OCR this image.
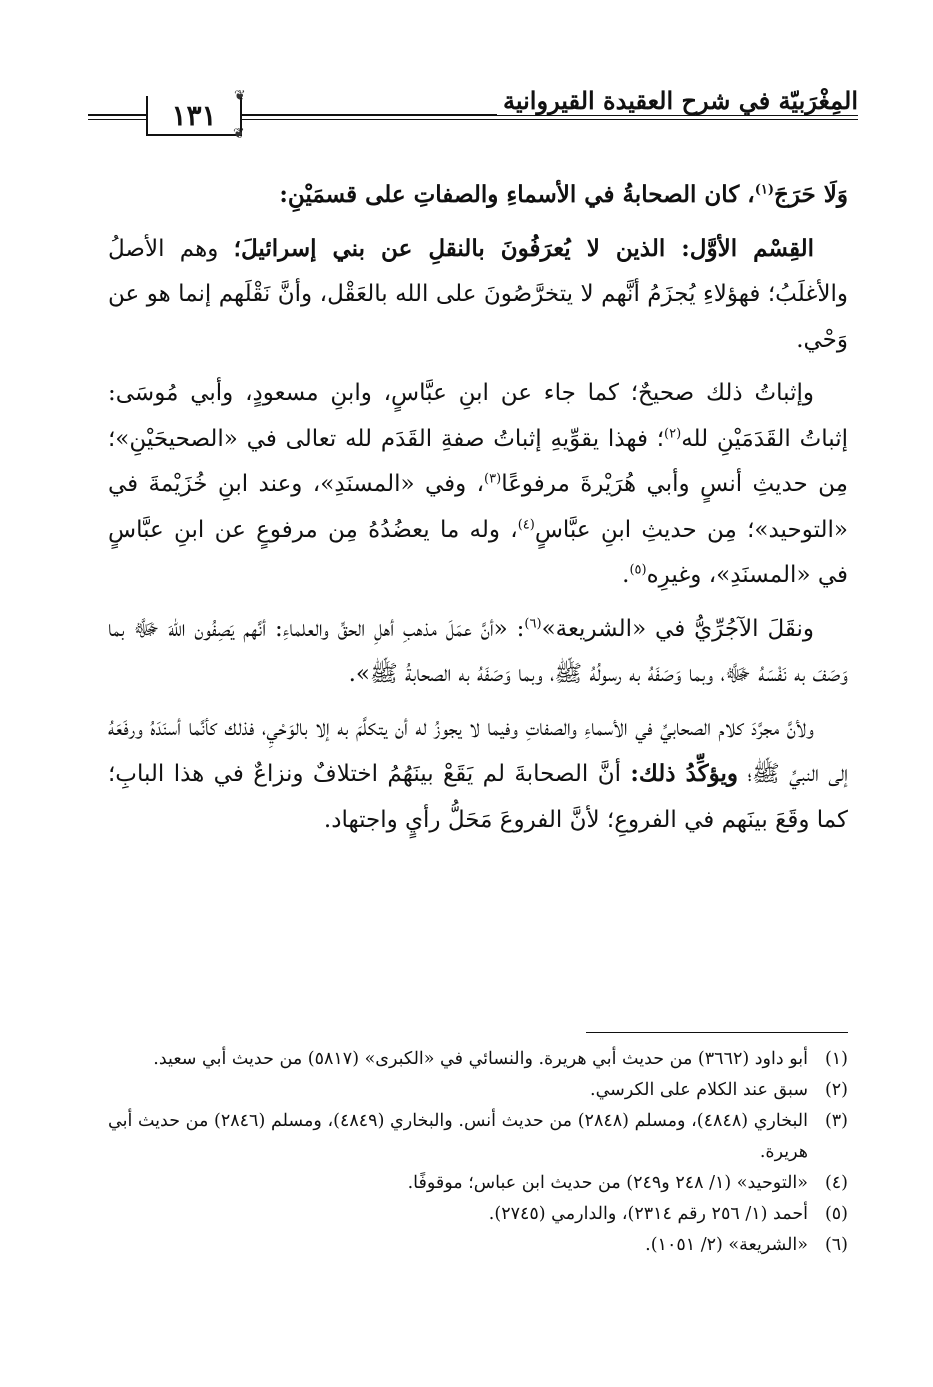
١٣١
❦
❦
المِغْرَبيّة في شرح العقيدة القيروانية

وَلَا حَرَجَ$^{(١)}$، كان الصحابةُ في الأسماءِ والصفاتِ على قسمَيْنِ:

القِسْم الأوَّل: الذين لا يُعرَفُونَ بالنقلِ عن بني إسرائيلَ؛ وهم الأصلُ والأغلَبُ؛ فهؤلاءِ يُجزَمُ أنَّهم لا يتخرَّصُونَ على الله بالعَقْل، وأنَّ نَقْلَهم إنما هو عن وَحْي.

وإثباتُ ذلك صحيحٌ؛ كما جاء عن ابنِ عبَّاسٍ، وابنِ مسعودٍ، وأبي مُوسَى: إثباتُ القَدَمَيْنِ لله$^{(٢)}$؛ فهذا يقوِّيهِ إثباتُ صفةِ القَدَم لله تعالى في «الصحيحَيْنِ»؛ مِن حديثِ أنسٍ وأبي هُرَيْرةَ مرفوعًا$^{(٣)}$، وفي «المسنَدِ»، وعند ابنِ خُزَيْمةَ في «التوحيد»؛ مِن حديثِ ابنِ عبَّاسٍ$^{(٤)}$، وله ما يعضُدُهُ مِن مرفوعٍ عن ابنِ عبَّاسٍ في «المسنَدِ»، وغيرِه$^{(٥)}$.

ونقَلَ الآجُرِّيُّ في «الشريعة»$^{(٦)}$: «أنَّ عمَلَ مذهبِ أهلِ الحقِّ والعلماءِ: أنَّهم يَصِفُون اللهَ ﷻ بما وَصَفَ به نَفْسَهُ ﷻ، وبما وَصَفَهُ به رسولُهُ ﷺ، وبما وَصَفَهُ به الصحابةُ ﷺ».

ولأنَّ مجرَّدَ كلام الصحابيِّ في الأسماءِ والصفاتِ وفيما لا يجوزُ له أن يتكلَّمَ به إلا بالوَحْيِ، فذلك كأنَّما أسنَدَهُ ورفَعَهُ إلى النبيِّ ﷺ؛ ويؤكِّدُ ذلك: أنَّ الصحابةَ لم يَقَعْ بينَهُمُ اختلافٌ ونزاعٌ في هذا البابِ؛ كما وقَعَ بينَهم في الفروعِ؛ لأنَّ الفروعَ مَحَلُّ رأيٍ واجتهاد.

(١)
أبو داود (٣٦٦٢) من حديث أبي هريرة. والنسائي في «الكبرى» (٥٨١٧) من حديث أبي سعيد.
(٢)
سبق عند الكلام على الكرسي.
(٣)
البخاري (٤٨٤٨)، ومسلم (٢٨٤٨) من حديث أنس. والبخاري (٤٨٤٩)، ومسلم (٢٨٤٦) من حديث أبي هريرة.
(٤)
«التوحيد» (١/ ٢٤٨ و٢٤٩) من حديث ابن عباس؛ موقوفًا.
(٥)
أحمد (١/ ٢٥٦ رقم ٢٣١٤)، والدارمي (٢٧٤٥).
(٦)
«الشريعة» (٢/ ١٠٥١).
